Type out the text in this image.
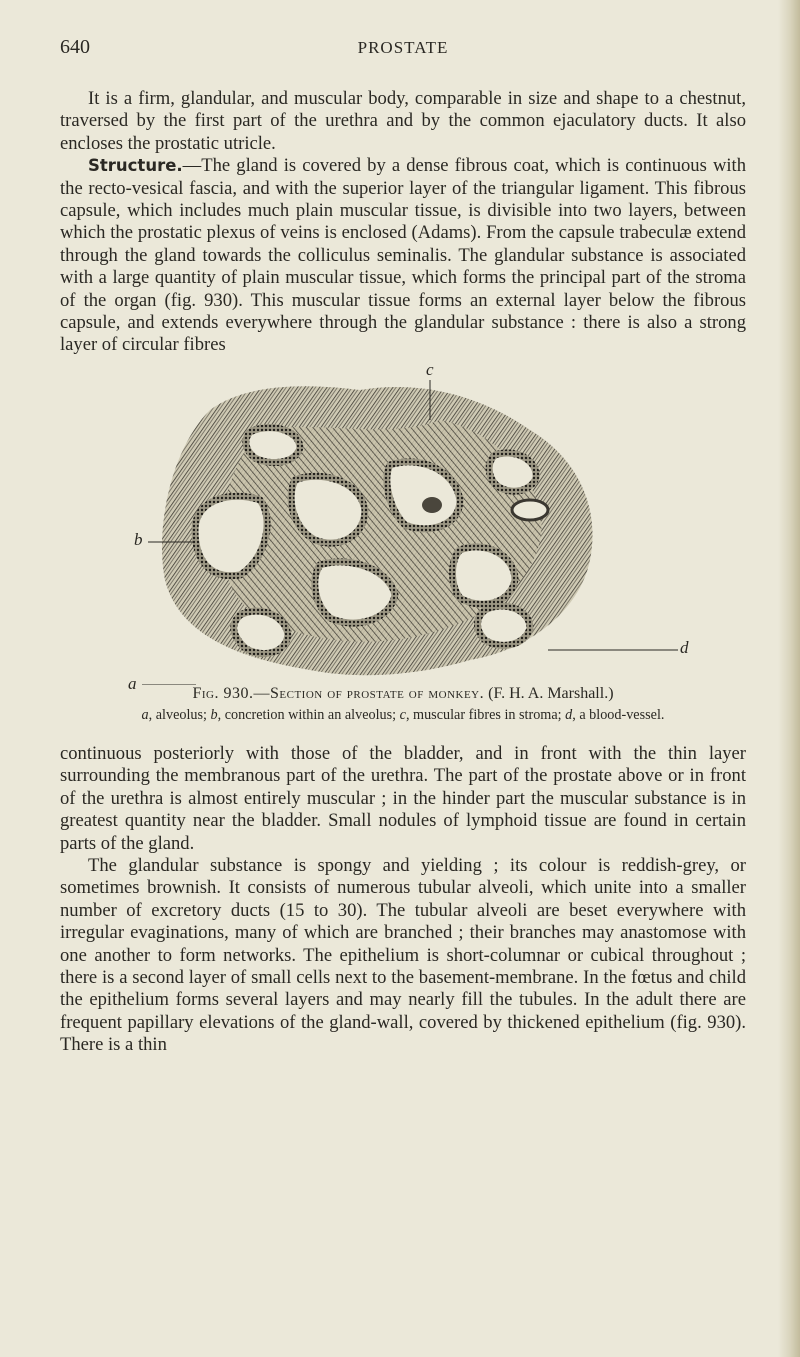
640	PROSTATE

It is a firm, glandular, and muscular body, comparable in size and shape to a chestnut, traversed by the first part of the urethra and by the common ejaculatory ducts. It also encloses the prostatic utricle.

Structure.—The gland is covered by a dense fibrous coat, which is continuous with the recto-vesical fascia, and with the superior layer of the triangular ligament. This fibrous capsule, which includes much plain muscular tissue, is divisible into two layers, between which the prostatic plexus of veins is enclosed (Adams). From the capsule trabeculæ extend through the gland towards the colliculus seminalis. The glandular substance is associated with a large quantity of plain muscular tissue, which forms the principal part of the stroma of the organ (fig. 930). This muscular tissue forms an external layer below the fibrous capsule, and extends everywhere through the glandular substance : there is also a strong layer of circular fibres

c
b
d
a
Fig. 930.—Section of prostate of monkey. (F. H. A. Marshall.)
a, alveolus; b, concretion within an alveolus; c, muscular fibres in stroma; d, a blood-vessel.

continuous posteriorly with those of the bladder, and in front with the thin layer surrounding the membranous part of the urethra. The part of the prostate above or in front of the urethra is almost entirely muscular ; in the hinder part the muscular substance is in greatest quantity near the bladder. Small nodules of lymphoid tissue are found in certain parts of the gland.

The glandular substance is spongy and yielding ; its colour is reddish-grey, or sometimes brownish. It consists of numerous tubular alveoli, which unite into a smaller number of excretory ducts (15 to 30). The tubular alveoli are beset everywhere with irregular evaginations, many of which are branched ; their branches may anastomose with one another to form networks. The epithelium is short-columnar or cubical throughout ; there is a second layer of small cells next to the basement-membrane. In the fœtus and child the epithelium forms several layers and may nearly fill the tubules. In the adult there are frequent papillary elevations of the gland-wall, covered by thickened epithelium (fig. 930). There is a thin
